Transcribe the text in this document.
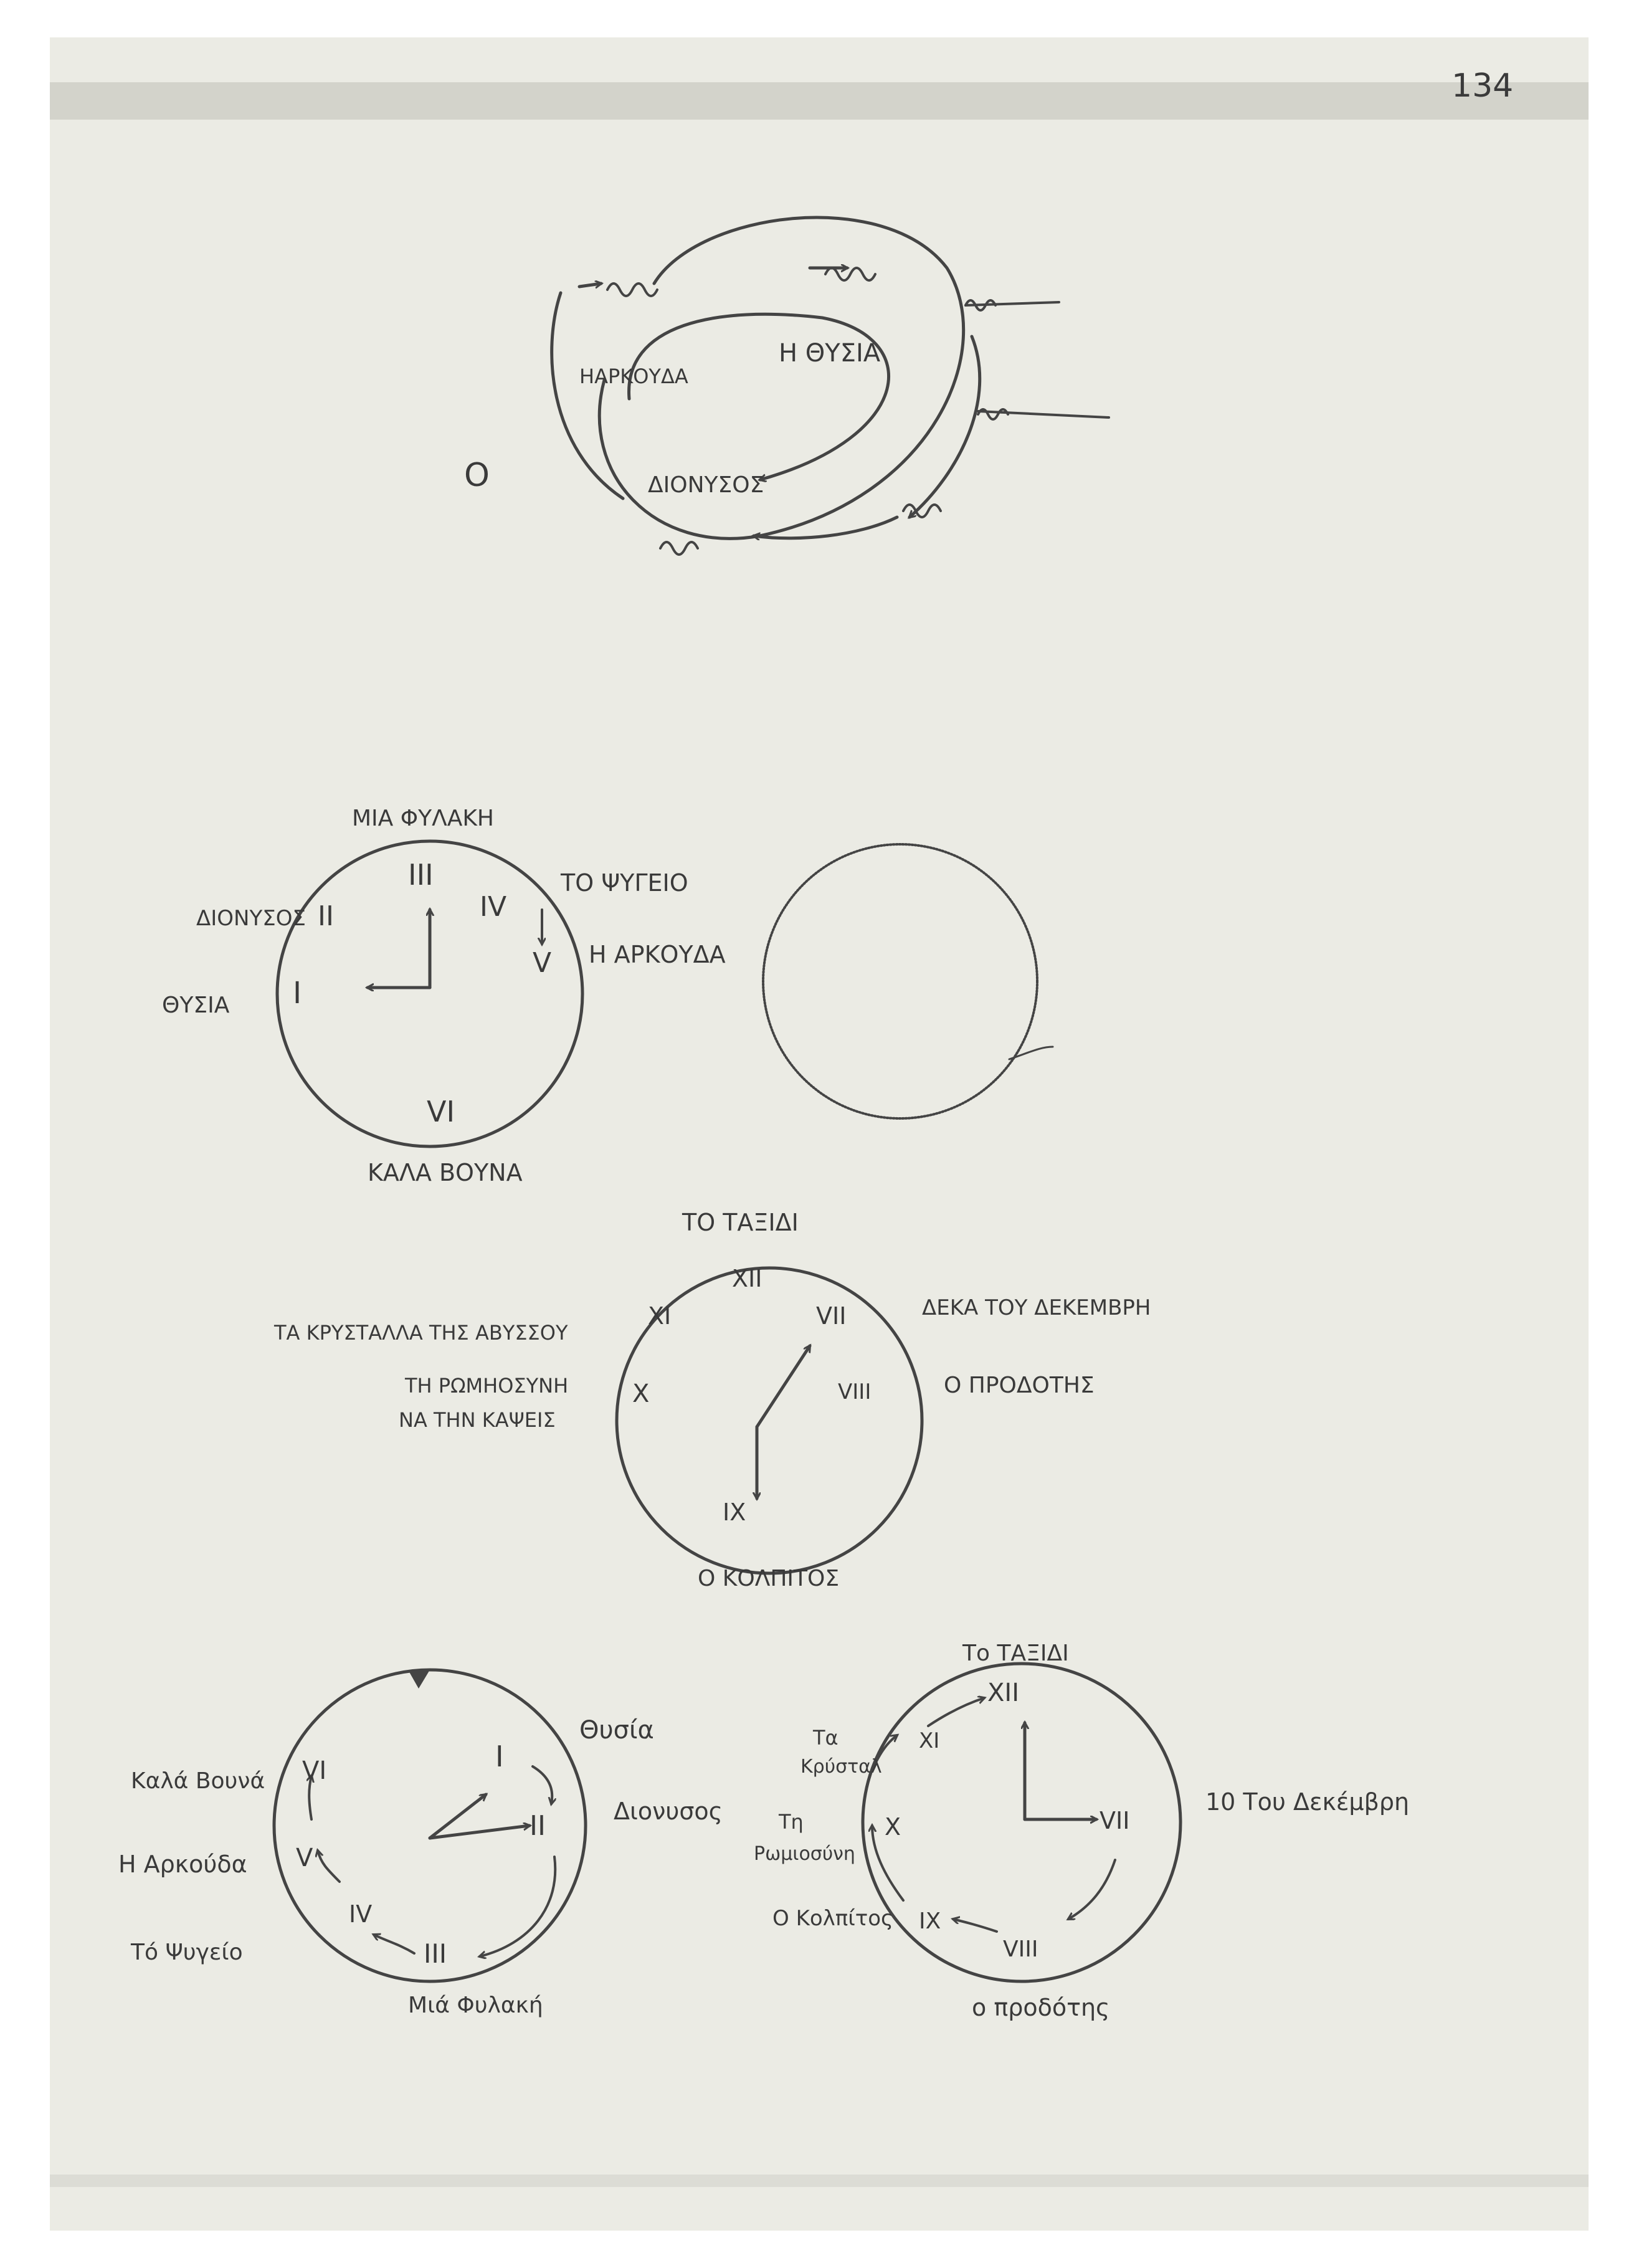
134
Η ΘΥΣΙΑ
ΗΑΡΚΟΥΔΑ
ΔΙΟΝΥΣΟΣ
O
III
II	IV
V
I
VI
ΜΙΑ ΦΥΛΑΚΗ
ΔΙΟΝΥΣΟΣ
ΘΥΣΙΑ
ΤΟ ΨΥΓΕΙΟ
Η ΑΡΚΟΥΔΑ
ΚΑΛΑ ΒΟΥΝΑ
XII
XI	VII
X	VIII
IX
ΤΟ ΤΑΞΙΔΙ
ΤΑ ΚΡΥΣΤΑΛΛΑ ΤΗΣ ΑΒΥΣΣΟΥ
ΤΗ ΡΩΜΗΟΣΥΝΗ
ΝΑ ΤΗΝ ΚΑΨΕΙΣ
ΔΕΚΑ ΤΟΥ ΔΕΚΕΜΒΡΗ
Ο ΠΡΟΔΟΤΗΣ
Ο ΚΟΛΠΙΤΟΣ
I
II
III
IV
V
VI
Θυσία
Διονυσος
Μιά Φυλακή
Καλά Βουνά
Η Αρκούδα
Τό Ψυγείο
XII
XI
X	VII
VIII
IX
Το ΤΑΞΙΔΙ
Τα
Κρύσταλ
Τη
Ρωμιοσύνη
Ο Κολπίτος
10 Του Δεκέμβρη
ο προδότης
